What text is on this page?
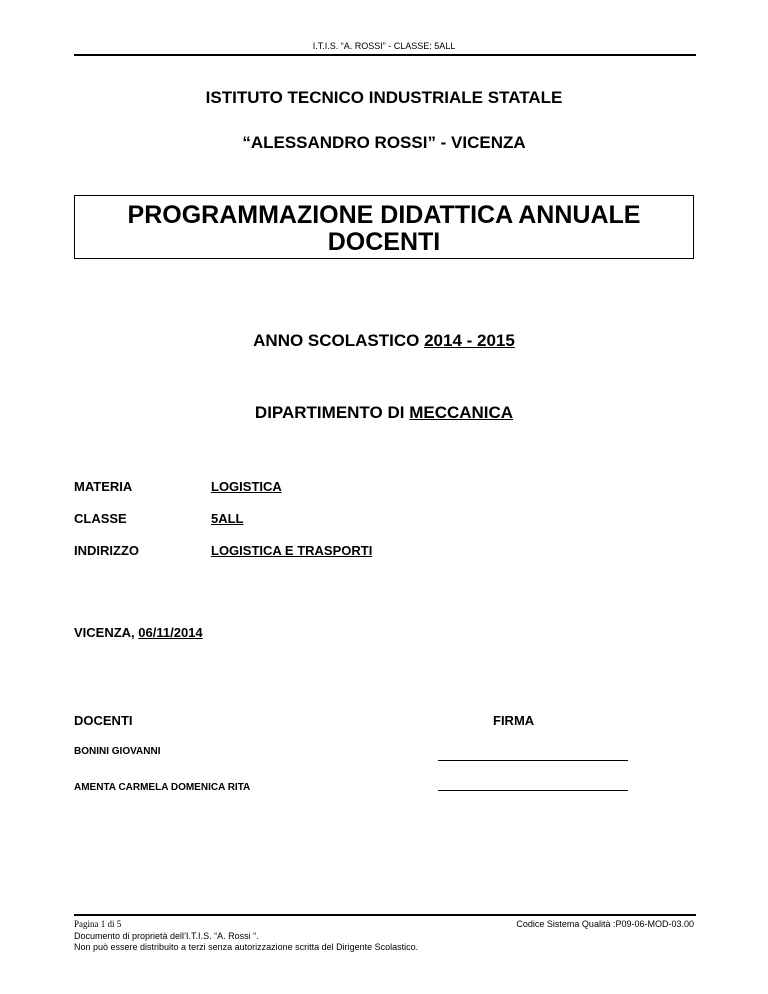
I.T.I.S. “A. ROSSI” - CLASSE: 5ALL
ISTITUTO TECNICO INDUSTRIALE STATALE
“ALESSANDRO ROSSI” - VICENZA
PROGRAMMAZIONE DIDATTICA ANNUALE
DOCENTI
ANNO SCOLASTICO 2014 - 2015
DIPARTIMENTO DI MECCANICA
MATERIA	LOGISTICA
CLASSE	5ALL
INDIRIZZO	LOGISTICA E TRASPORTI
VICENZA, 06/11/2014
DOCENTI	FIRMA
BONINI GIOVANNI
AMENTA CARMELA DOMENICA RITA
Pagina 1 di 5	Codice Sistema Qualità :P09-06-MOD-03.00
Documento di proprietà dell’I.T.I.S. “A. Rossi “.
Non può essere distribuito a terzi senza autorizzazione scritta del Dirigente Scolastico.
